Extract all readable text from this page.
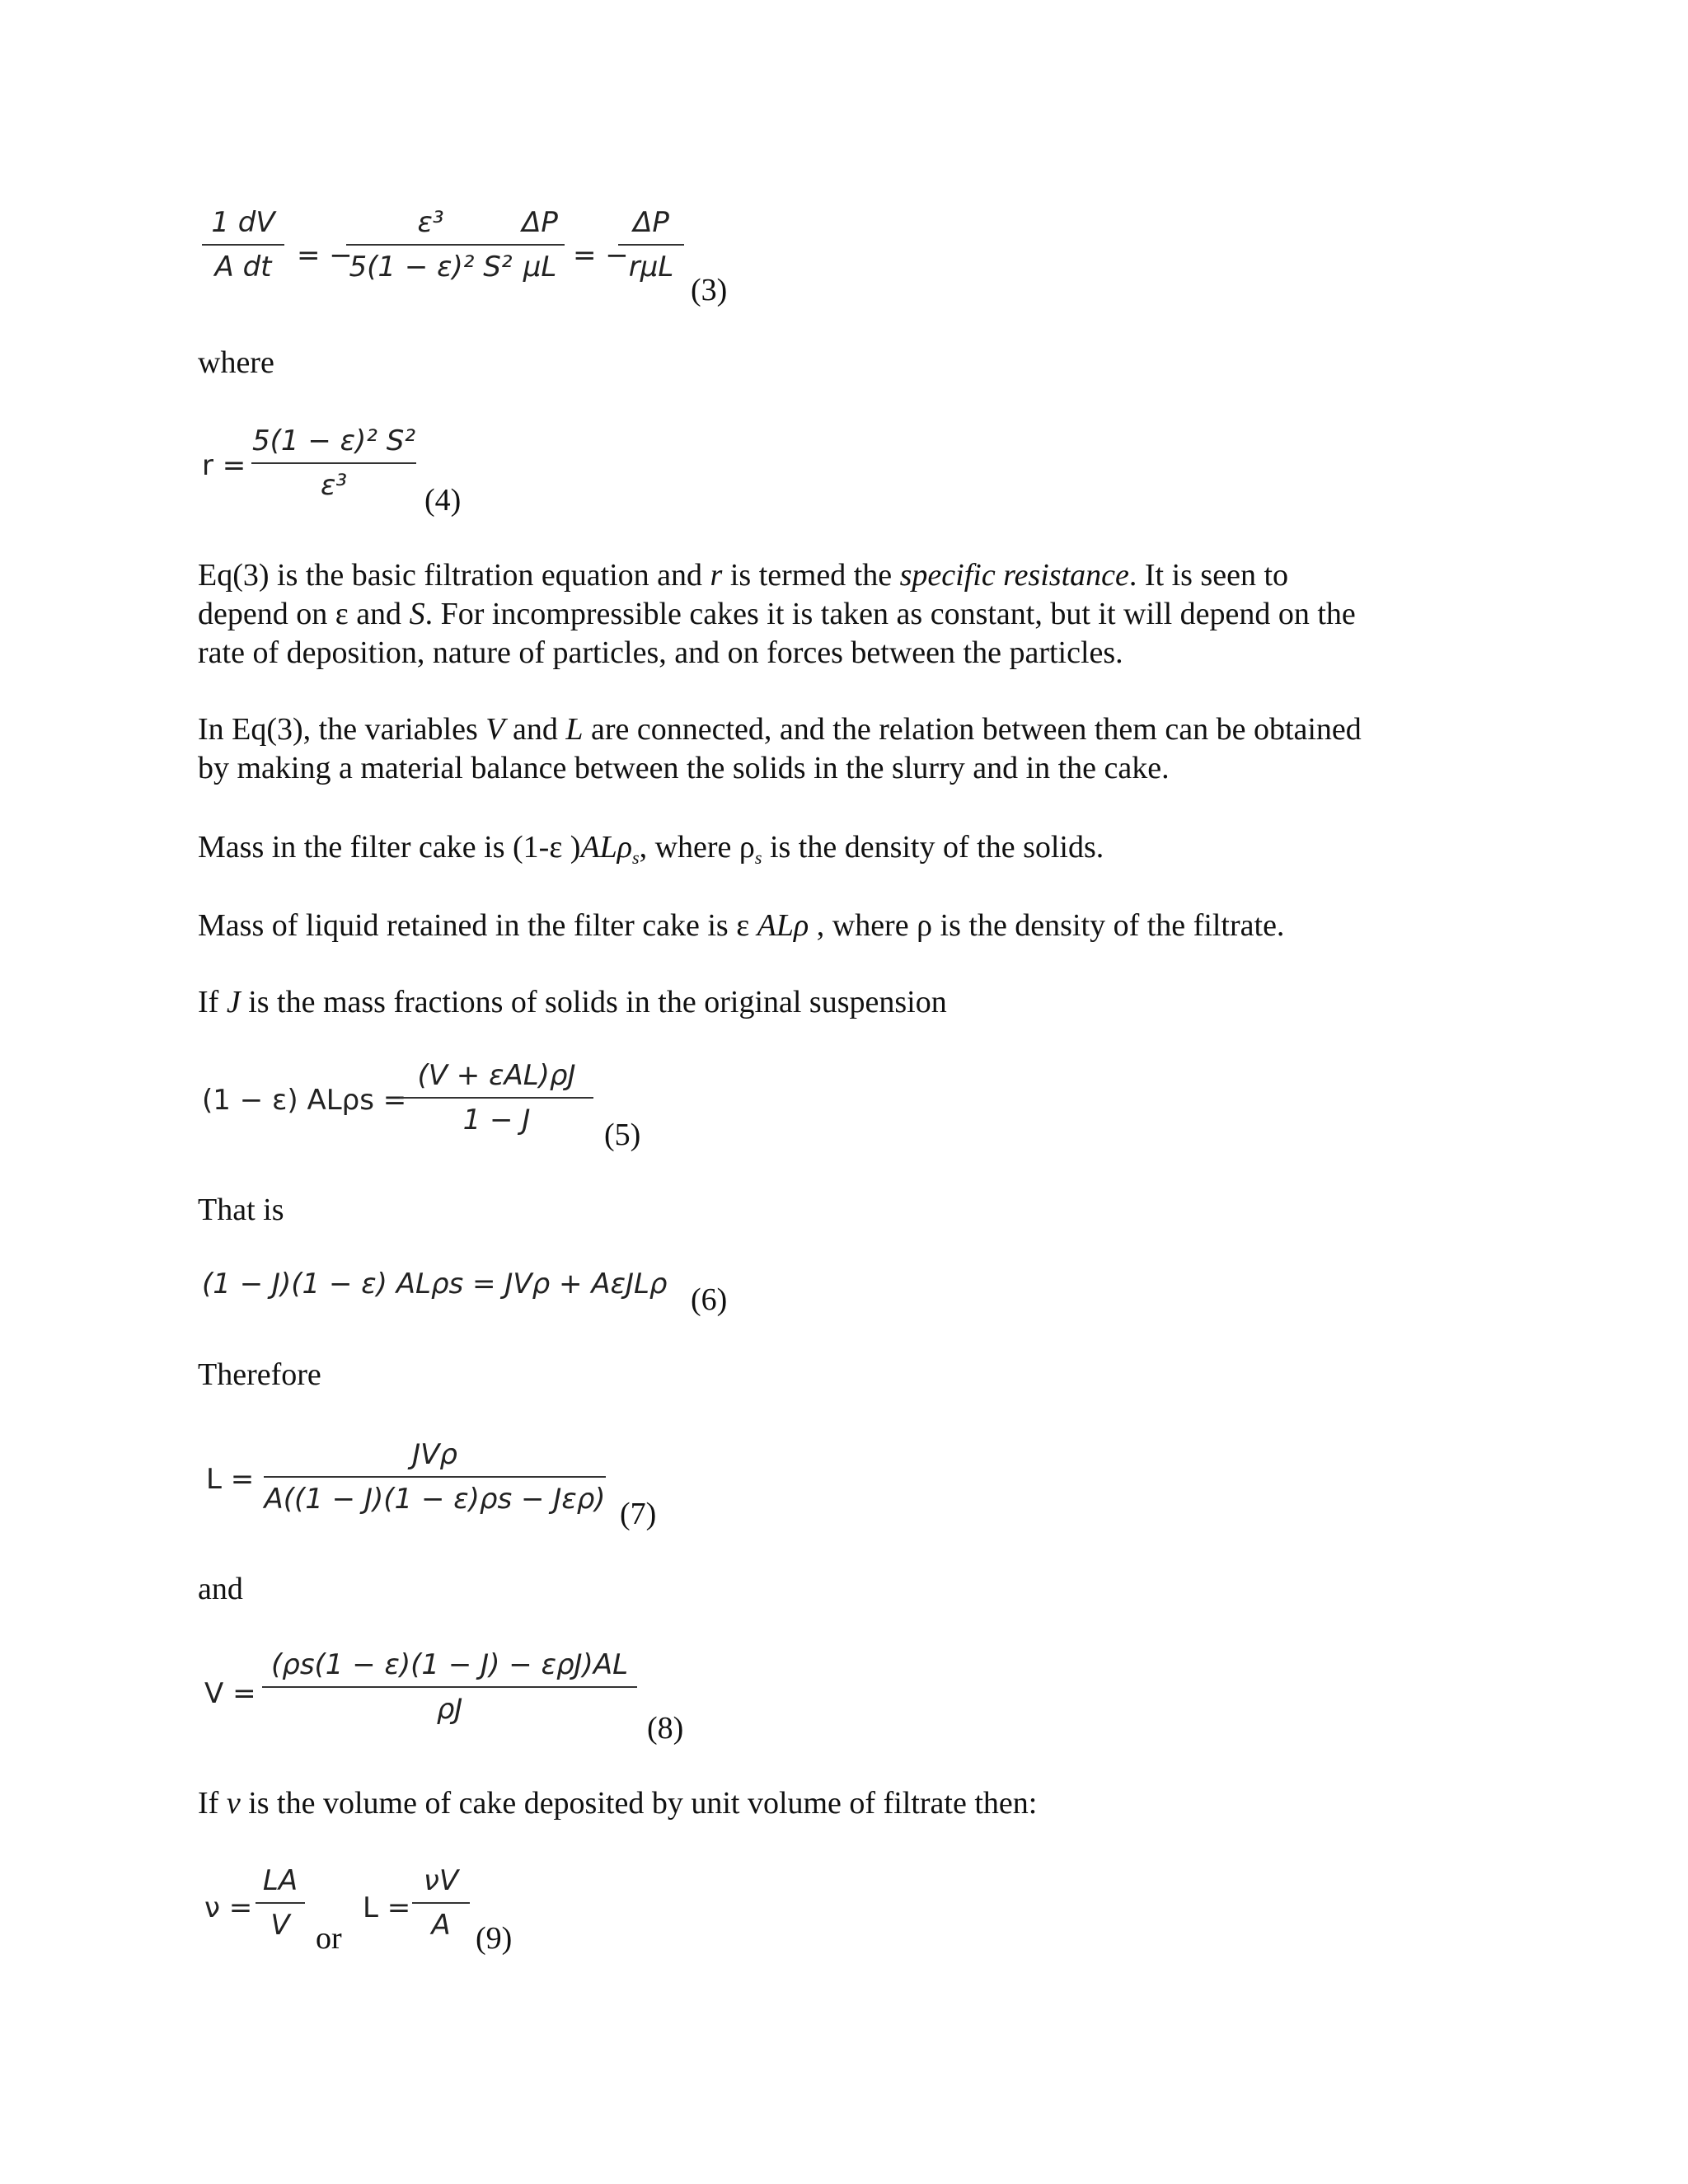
1 dV
A dt = −
ε³
5(1 − ε)² S²
ΔP
μL = −
ΔP
rμL
(3)
where
r =
5(1 − ε)² S²
ε³	(4)
Eq(3) is the basic filtration equation and r is termed the specific resistance. It is seen to depend on ε and S. For incompressible cakes it is taken as constant, but it will depend on the rate of deposition, nature of particles, and on forces between the particles.
In Eq(3), the variables V and L are connected, and the relation between them can be obtained by making a material balance between the solids in the slurry and in the cake.
Mass in the filter cake is (1-ε )ALρ$_s$, where $\rho_s$ is the density of the solids.
Mass of liquid retained in the filter cake is ε ALρ , where ρ is the density of the filtrate.
If J is the mass fractions of solids in the original suspension
(1 − ε) ALρs =
(V + εAL)ρJ
1 − J	(5)
That is
(1 − J)(1 − ε) ALρs = JVρ + AεJLρ (6)
Therefore
L =
JVρ
A((1 − J)(1 − ε)ρs − Jερ) (7)
and
V =
(ρs(1 − ε)(1 − J) − ερJ)AL
ρJ
(8)
If v is the volume of cake deposited by unit volume of filtrate then:
ν =
LA
V or
L =
νV
A (9)
